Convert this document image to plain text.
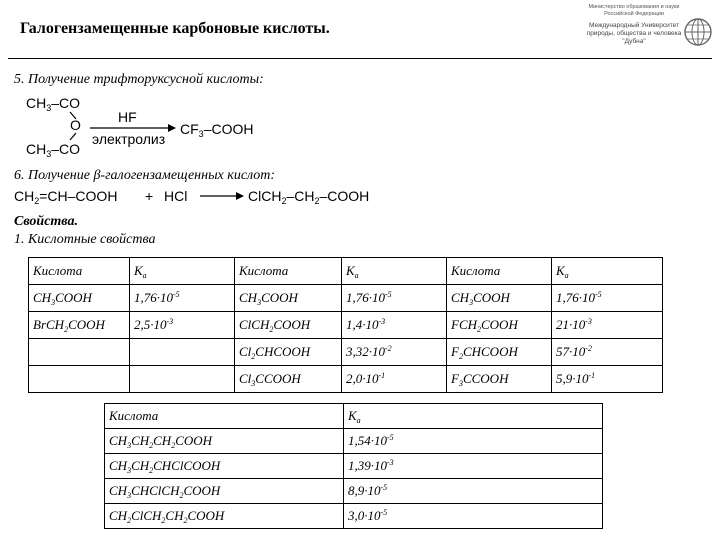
Галогензамещенные карбоновые кислоты.
Министерство образования и науки Российской Федерации
Международный Университет природы, общества и человека "Дубна"
5. Получение трифторуксусной кислоты:
$CH_3-CO$
O
$CH_3-CO$
HF
электролиз
$CF_3$–COOH
6. Получение β-галогензамещенных кислот:
$CH_2=CH$–COOH + HCl	$ClCH_2-CH_2$–COOH
Свойства.
1. Кислотные свойства
Кислота	$K_a$	Кислота	$K_a$	Кислота	$K_a$
$CH_3COOH$	$1,76\cdot 10^{-5}$	$CH_3COOH$	$1,76\cdot 10^{-5}$	$CH_3COOH$	$1,76\cdot 10^{-5}$
BrCH$_2$COOH	$2,5\cdot 10^{-3}$	ClCH$_2$COOH	$1,4\cdot 10^{-3}$	$FCH_2COOH$	$21\cdot 10^{-3}$
		$Cl_2CHCOOH$	$3,32\cdot 10^{-2}$	$F_2CHCOOH$	$57\cdot 10^{-2}$
		$Cl_3CCOOH$	$2,0\cdot 10^{-1}$	$F_3CCOOH$	$5,9\cdot 10^{-1}$
Кислота	$K_a$
$CH_3CH_2CH_2COOH$	$1,54\cdot 10^{-5}$
$CH_3CH_2CHClCOOH$	$1,39\cdot 10^{-3}$
$CH_3CHClCH_2COOH$	$8,9\cdot 10^{-5}$
$CH_2ClCH_2CH_2COOH$	$3,0\cdot 10^{-5}$
